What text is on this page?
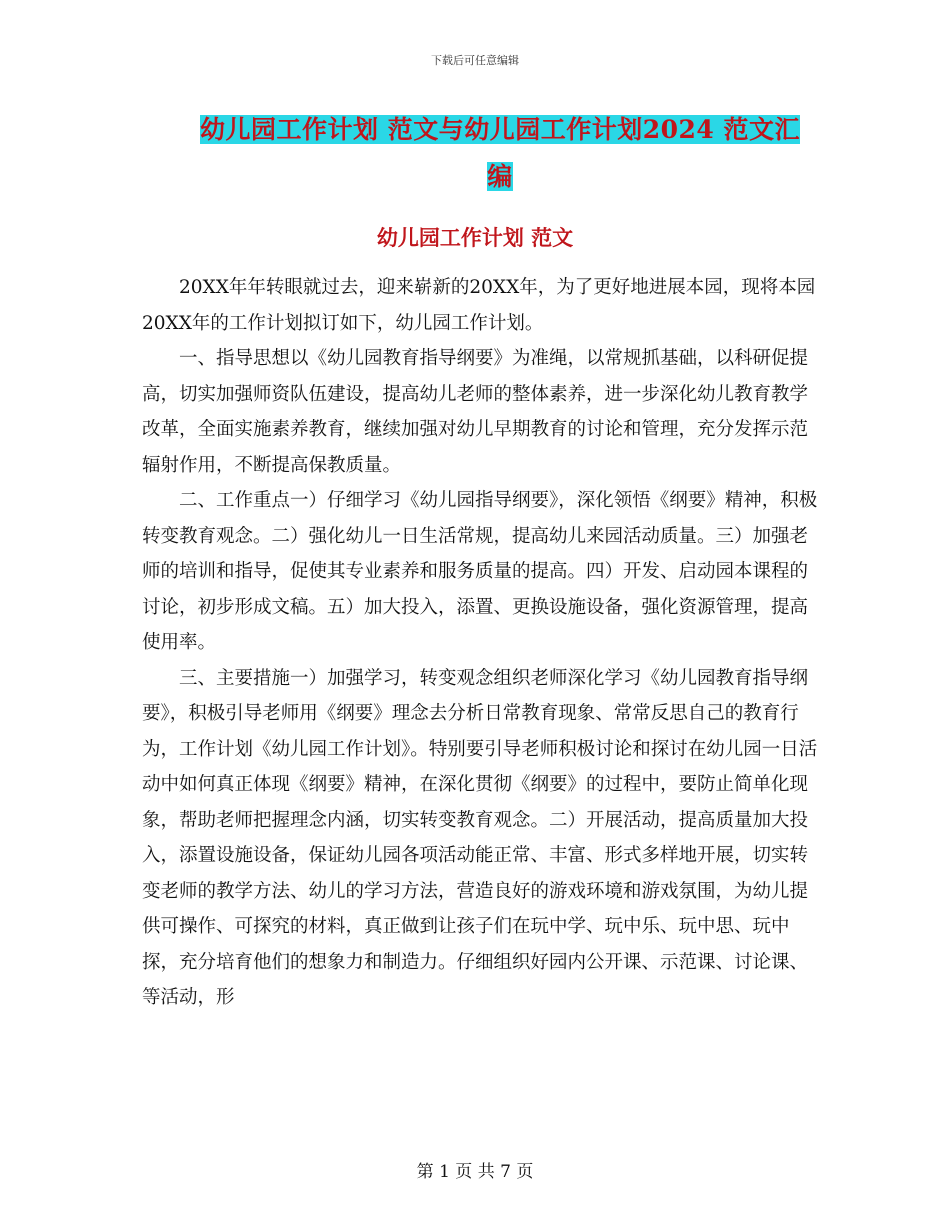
下载后可任意编辑
幼儿园工作计划 范文与幼儿园工作计划2024 范文汇
编
幼儿园工作计划 范文

20XX年年转眼就过去，迎来崭新的20XX年，为了更好地进展本园，现将本园20XX年的工作计划拟订如下，幼儿园工作计划。

一、指导思想以《幼儿园教育指导纲要》为准绳，以常规抓基础，以科研促提高，切实加强师资队伍建设，提高幼儿老师的整体素养，进一步深化幼儿教育教学改革，全面实施素养教育，继续加强对幼儿早期教育的讨论和管理，充分发挥示范辐射作用，不断提高保教质量。

二、工作重点一）仔细学习《幼儿园指导纲要》，深化领悟《纲要》精神，积极转变教育观念。二）强化幼儿一日生活常规，提高幼儿来园活动质量。三）加强老师的培训和指导，促使其专业素养和服务质量的提高。四）开发、启动园本课程的讨论，初步形成文稿。五）加大投入，添置、更换设施设备，强化资源管理，提高使用率。

三、主要措施一）加强学习，转变观念组织老师深化学习《幼儿园教育指导纲要》，积极引导老师用《纲要》理念去分析日常教育现象、常常反思自己的教育行为，工作计划《幼儿园工作计划》。特别要引导老师积极讨论和探讨在幼儿园一日活动中如何真正体现《纲要》精神，在深化贯彻《纲要》的过程中，要防止简单化现象，帮助老师把握理念内涵，切实转变教育观念。二）开展活动，提高质量加大投入，添置设施设备，保证幼儿园各项活动能正常、丰富、形式多样地开展，切实转变老师的教学方法、幼儿的学习方法，营造良好的游戏环境和游戏氛围，为幼儿提供可操作、可探究的材料，真正做到让孩子们在玩中学、玩中乐、玩中思、玩中探，充分培育他们的想象力和制造力。仔细组织好园内公开课、示范课、讨论课、等活动，形

第 1 页 共 7 页
